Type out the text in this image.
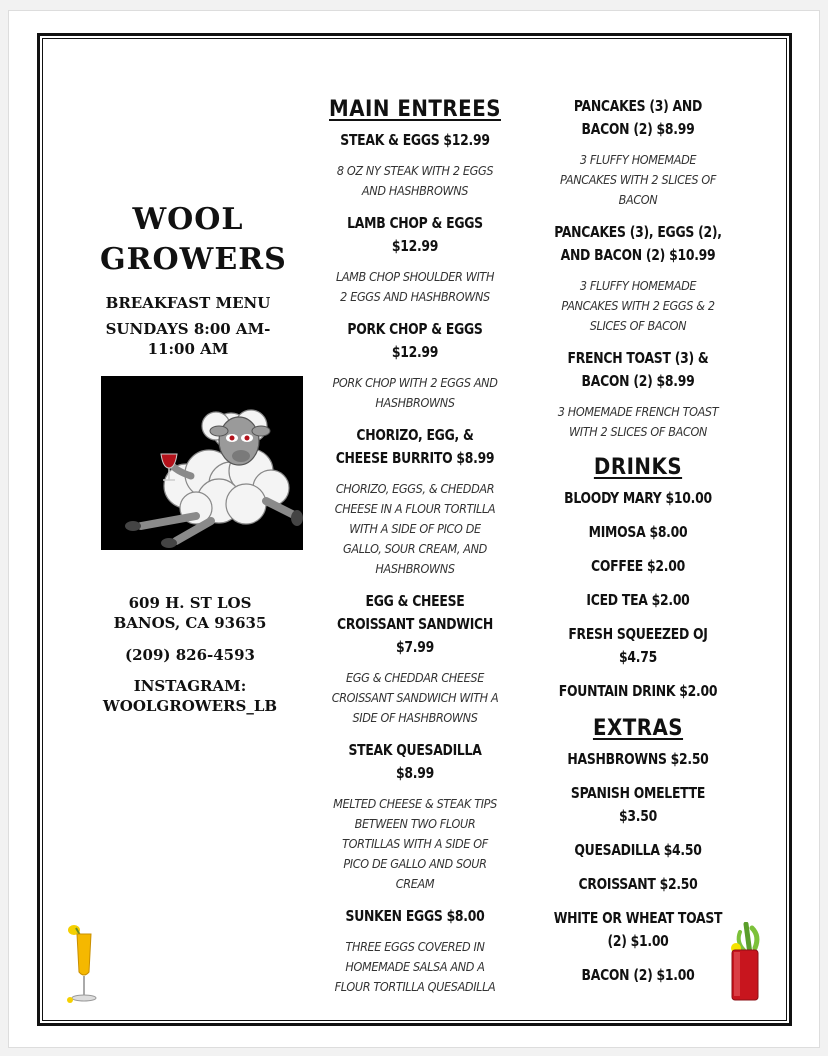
WOOL
GROWERS
BREAKFAST MENU
SUNDAYS 8:00 AM-
11:00 AM
609 H. ST LOS
BANOS, CA 93635
(209) 826-4593
INSTAGRAM:
WOOLGROWERS_LB
MAIN ENTREES
STEAK & EGGS $12.99
8 OZ NY STEAK WITH 2 EGGS AND HASHBROWNS
LAMB CHOP & EGGS $12.99
LAMB CHOP SHOULDER WITH 2 EGGS AND HASHBROWNS
PORK CHOP & EGGS $12.99
PORK CHOP WITH 2 EGGS AND HASHBROWNS
CHORIZO, EGG, & CHEESE BURRITO $8.99
CHORIZO, EGGS, & CHEDDAR CHEESE IN A FLOUR TORTILLA WITH A SIDE OF PICO DE GALLO, SOUR CREAM, AND HASHBROWNS
EGG & CHEESE CROISSANT SANDWICH $7.99
EGG & CHEDDAR CHEESE CROISSANT SANDWICH WITH A SIDE OF HASHBROWNS
STEAK QUESADILLA $8.99
MELTED CHEESE & STEAK TIPS BETWEEN TWO FLOUR TORTILLAS WITH A SIDE OF PICO DE GALLO AND SOUR CREAM
SUNKEN EGGS $8.00
THREE EGGS COVERED IN HOMEMADE SALSA AND A FLOUR TORTILLA QUESADILLA
PANCAKES (3) AND BACON (2) $8.99
3 FLUFFY HOMEMADE PANCAKES WITH 2 SLICES OF BACON
PANCAKES (3), EGGS (2), AND BACON (2) $10.99
3 FLUFFY HOMEMADE PANCAKES WITH 2 EGGS & 2 SLICES OF BACON
FRENCH TOAST (3) & BACON (2) $8.99
3 HOMEMADE FRENCH TOAST WITH 2 SLICES OF BACON
DRINKS
BLOODY MARY $10.00
MIMOSA $8.00
COFFEE $2.00
ICED TEA $2.00
FRESH SQUEEZED OJ $4.75
FOUNTAIN DRINK $2.00
EXTRAS
HASHBROWNS $2.50
SPANISH OMELETTE $3.50
QUESADILLA $4.50
CROISSANT $2.50
WHITE OR WHEAT TOAST (2) $1.00
BACON (2) $1.00
